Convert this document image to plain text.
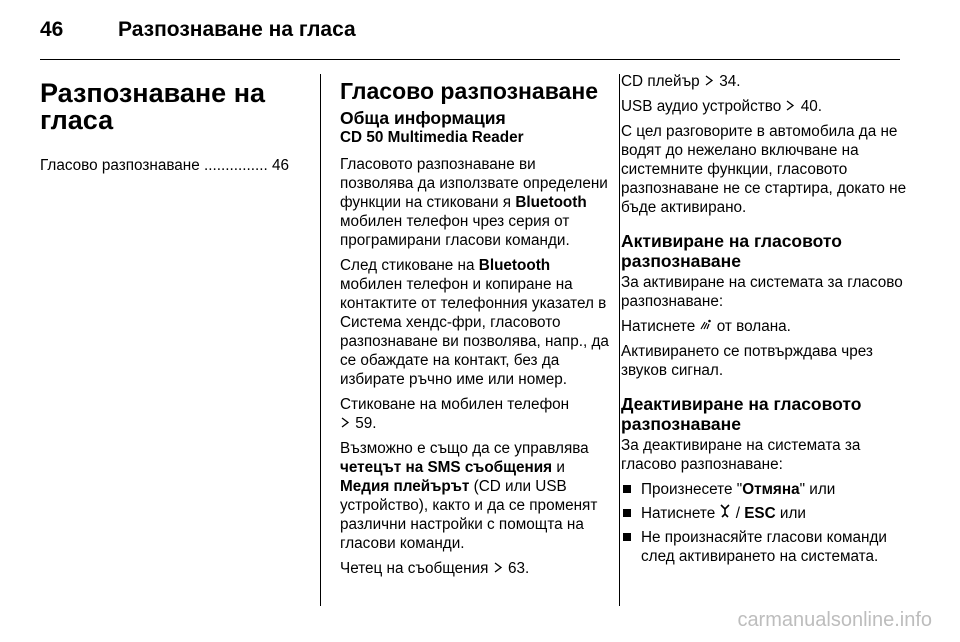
46	Разпознаване на гласа
Разпознаване на
гласа
Гласово разпознаване ............... 46
Гласово разпознаване
Обща информация
CD 50 Multimedia Reader

Гласовото разпознаване ви позволява да използвате определени функции на стиковани я Bluetooth мобилен телефон чрез серия от програмирани гласови команди.

След стиковане на Bluetooth мобилен телефон и копиране на контактите от телефонния указател в Система хендс-фри, гласовото разпознаване ви позволява, напр., да се обаждате на контакт, без да избирате ръчно име или номер.

Стиковане на мобилен телефон
59.

Възможно е също да се управлява четецът на SMS съобщения и Медия плейърът (CD или USB устройство), както и да се променят различни настройки с помощта на гласови команди.

Четец на съобщения 63.

CD плейър 34.

USB аудио устройство 40.

С цел разговорите в автомобила да не водят до нежелано включване на системните функции, гласовото разпознаване не се стартира, докато не бъде активирано.

Активиране на гласовото разпознаване

За активиране на системата за гласово разпознаване:

Натиснете  от волана.

Активирането се потвърждава чрез звуков сигнал.

Деактивиране на гласовото разпознаване

За деактивиране на системата за гласово разпознаване:

Произнесете "Отмяна" или
Натиснете  / ESC или
Не произнасяйте гласови команди след активирането на системата.
carmanualsonline.info
